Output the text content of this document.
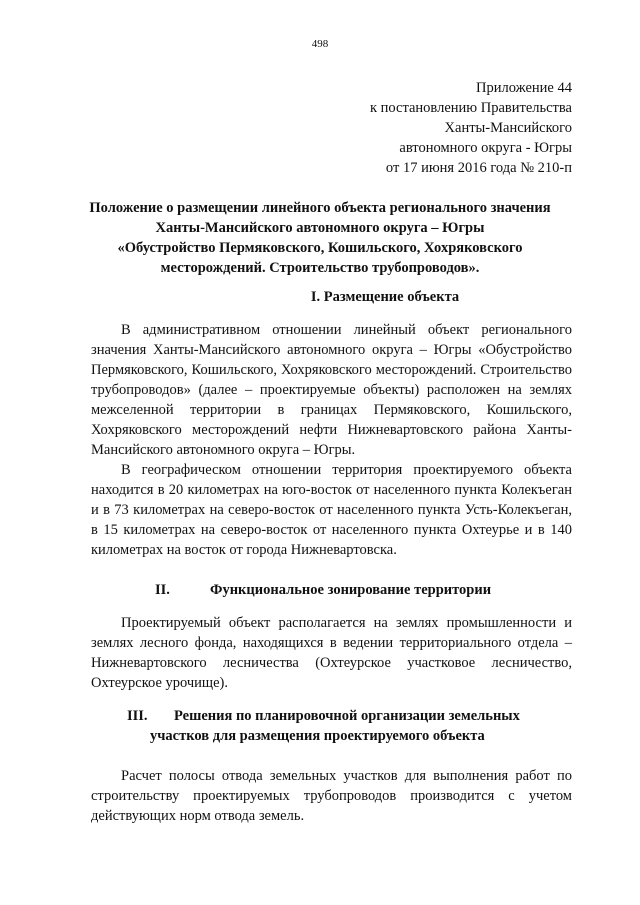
498
Приложение 44
к постановлению Правительства
Ханты-Мансийского
автономного округа - Югры
от 17 июня 2016 года № 210-п
Положение о размещении линейного объекта регионального значения
Ханты-Мансийского автономного округа – Югры
«Обустройство Пермяковского, Кошильского, Хохряковского
месторождений. Строительство трубопроводов».
I. Размещение объекта

В административном отношении линейный объект регионального значения Ханты-Мансийского автономного округа – Югры «Обустройство Пермяковского, Кошильского, Хохряковского месторождений. Строительство трубопроводов» (далее – проектируемые объекты) расположен на землях межселенной территории в границах Пермяковского, Кошильского, Хохряковского месторождений нефти Нижневартовского района Ханты-Мансийского автономного округа – Югры.

В географическом отношении территория проектируемого объекта находится в 20 километрах на юго-восток от населенного пункта Колекъеган и в 73 километрах на северо-восток от населенного пункта Усть-Колекъеган, в 15 километрах на северо-восток от населенного пункта Охтеурье и в 140 километрах на восток от города Нижневартовска.

II.	Функциональное зонирование территории

Проектируемый объект располагается на землях промышленности и землях лесного фонда, находящихся в ведении территориального отдела – Нижневартовского лесничества (Охтеурское участковое лесничество, Охтеурское урочище).

III. Решения по планировочной организации земельных
участков для размещения проектируемого объекта

Расчет полосы отвода земельных участков для выполнения работ по строительству проектируемых трубопроводов производится с учетом действующих норм отвода земель.
